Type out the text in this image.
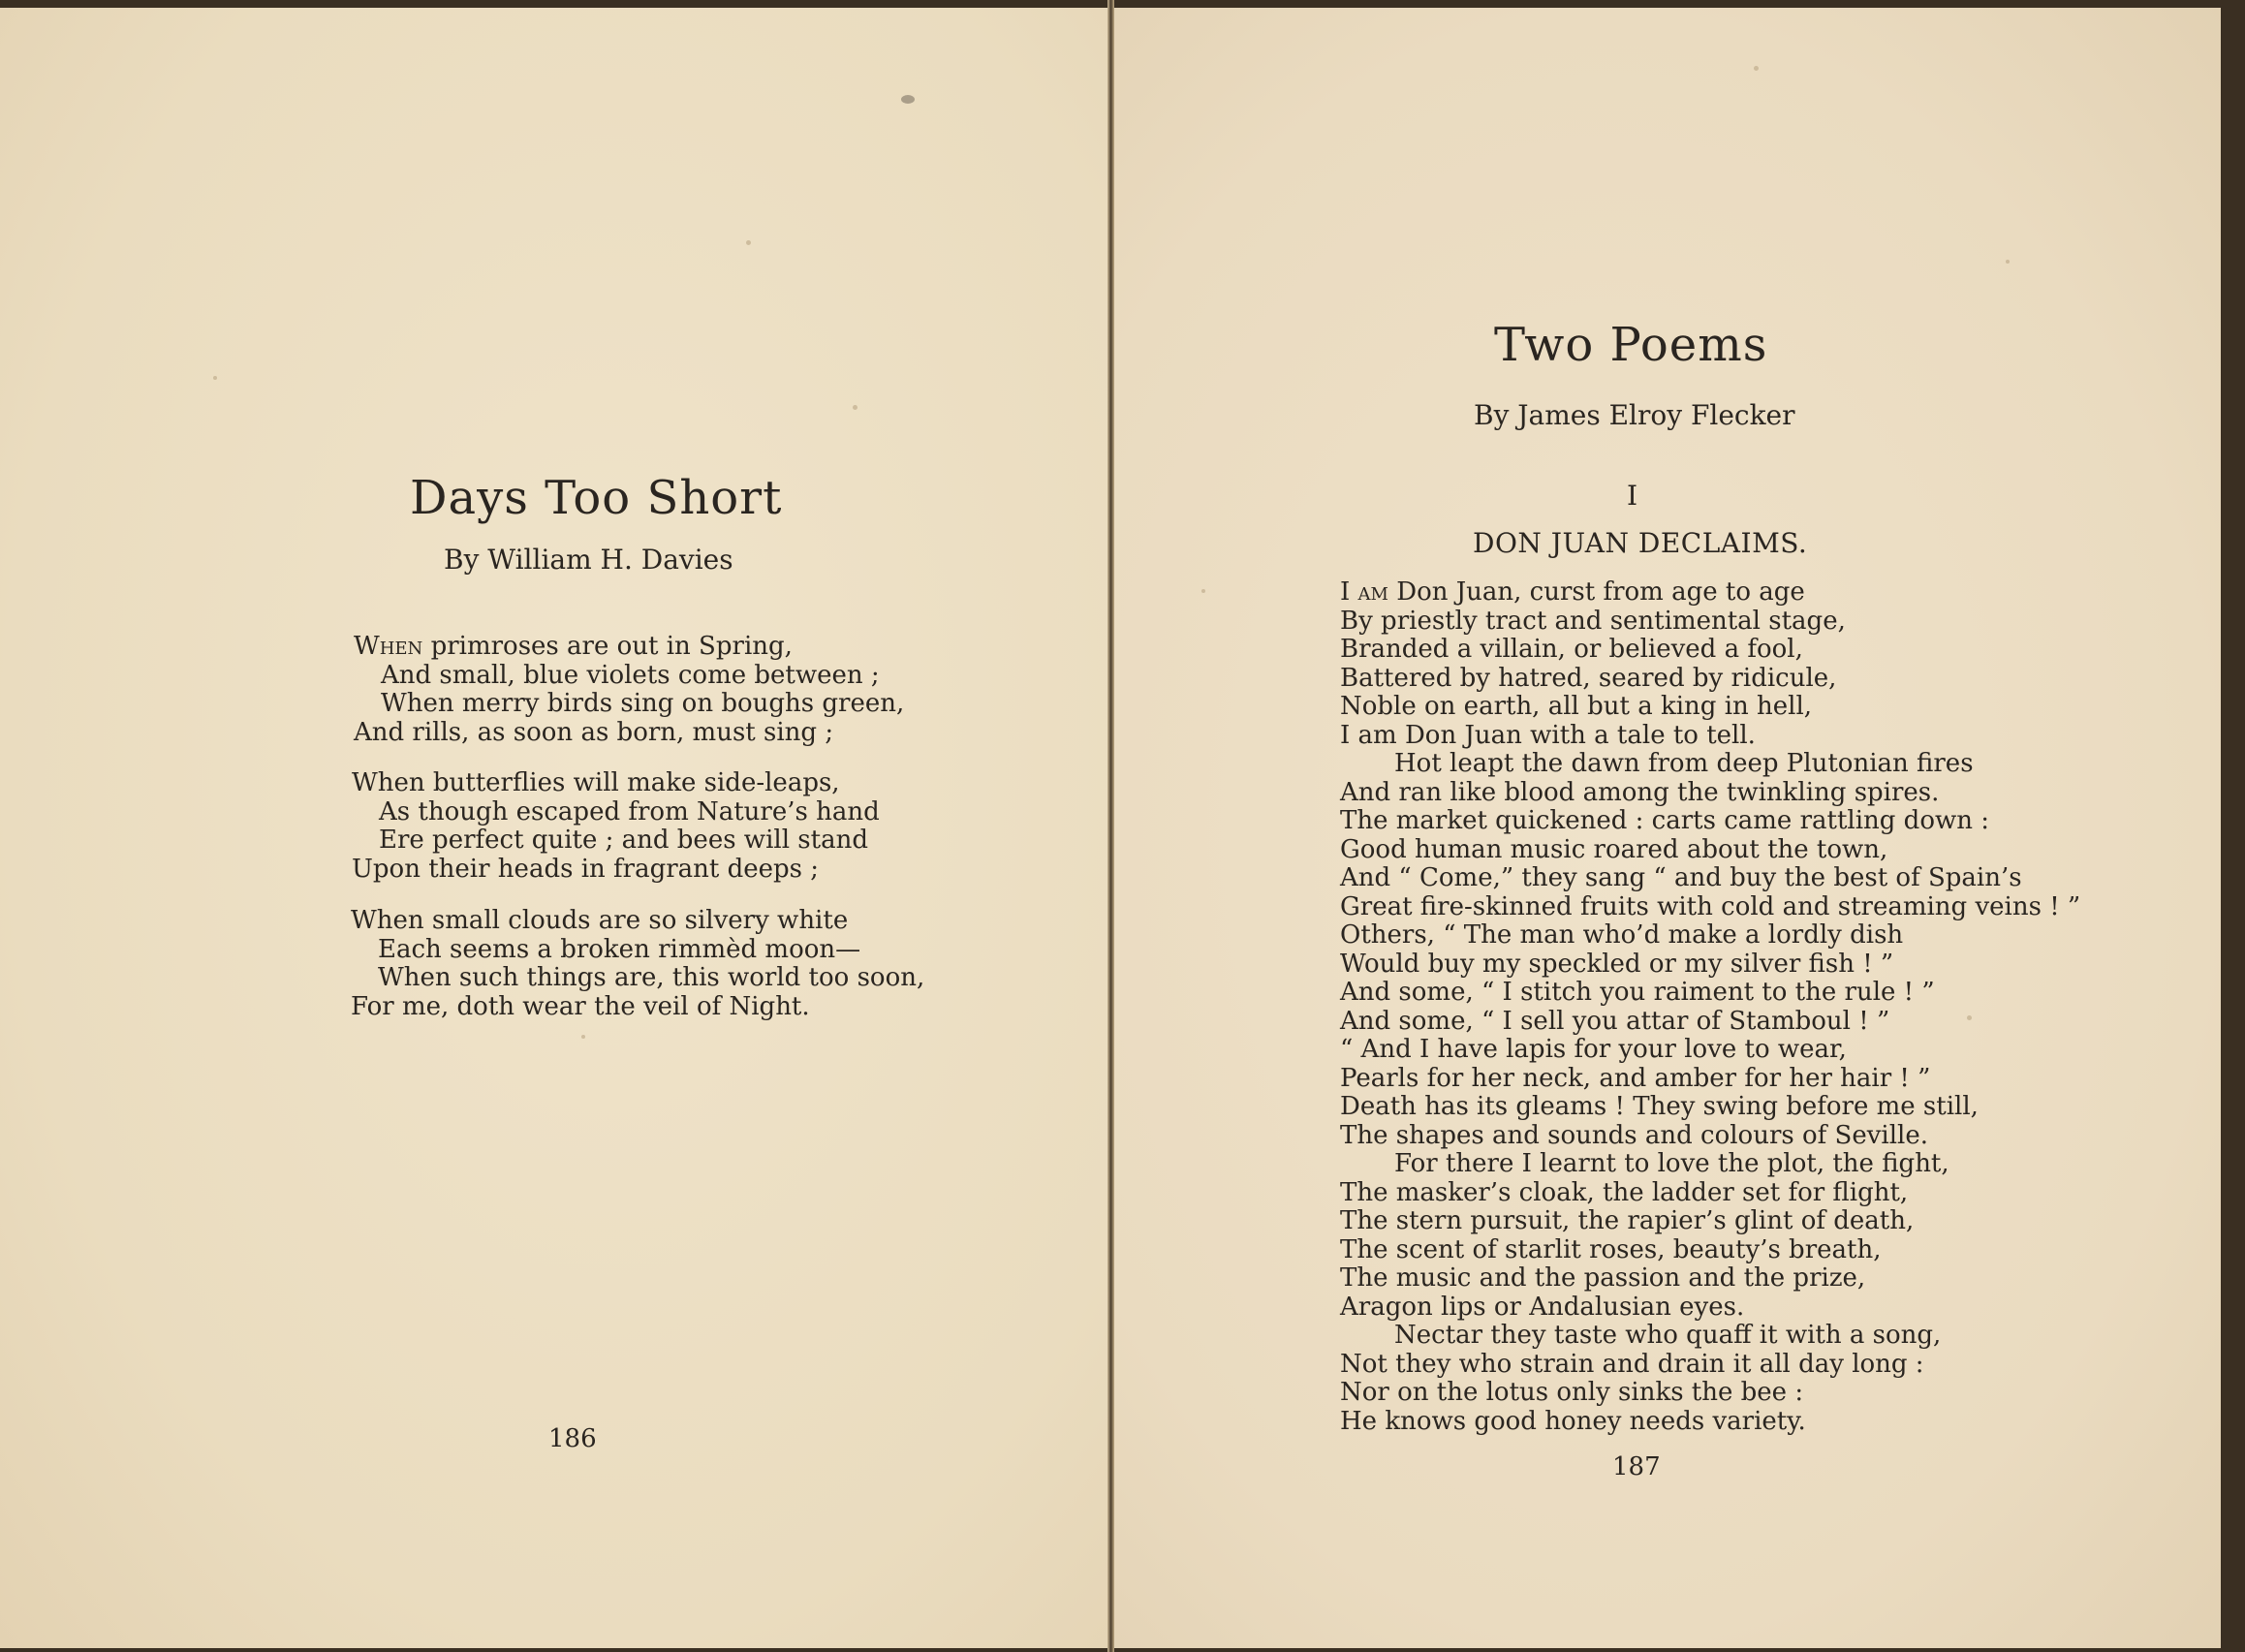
Days Too Short
By William H. Davies
When primroses are out in Spring,
And small, blue violets come between ;
When merry birds sing on boughs green,
And rills, as soon as born, must sing ;
When butterflies will make side-leaps,
As though escaped from Nature’s hand
Ere perfect quite ; and bees will stand
Upon their heads in fragrant deeps ;
When small clouds are so silvery white
Each seems a broken rimmèd moon—
When such things are, this world too soon,
For me, doth wear the veil of Night.
186
Two Poems
By James Elroy Flecker
I
DON JUAN DECLAIMS.
I am Don Juan, curst from age to age
By priestly tract and sentimental stage,
Branded a villain, or believed a fool,
Battered by hatred, seared by ridicule,
Noble on earth, all but a king in hell,
I am Don Juan with a tale to tell.
Hot leapt the dawn from deep Plutonian fires
And ran like blood among the twinkling spires.
The market quickened : carts came rattling down :
Good human music roared about the town,
And “ Come,” they sang “ and buy the best of Spain’s
Great fire-skinned fruits with cold and streaming veins ! ”
Others, “ The man who’d make a lordly dish
Would buy my speckled or my silver fish ! ”
And some, “ I stitch you raiment to the rule ! ”
And some, “ I sell you attar of Stamboul ! ”
“ And I have lapis for your love to wear,
Pearls for her neck, and amber for her hair ! ”
Death has its gleams ! They swing before me still,
The shapes and sounds and colours of Seville.
For there I learnt to love the plot, the fight,
The masker’s cloak, the ladder set for flight,
The stern pursuit, the rapier’s glint of death,
The scent of starlit roses, beauty’s breath,
The music and the passion and the prize,
Aragon lips or Andalusian eyes.
Nectar they taste who quaff it with a song,
Not they who strain and drain it all day long :
Nor on the lotus only sinks the bee :
He knows good honey needs variety.
187
